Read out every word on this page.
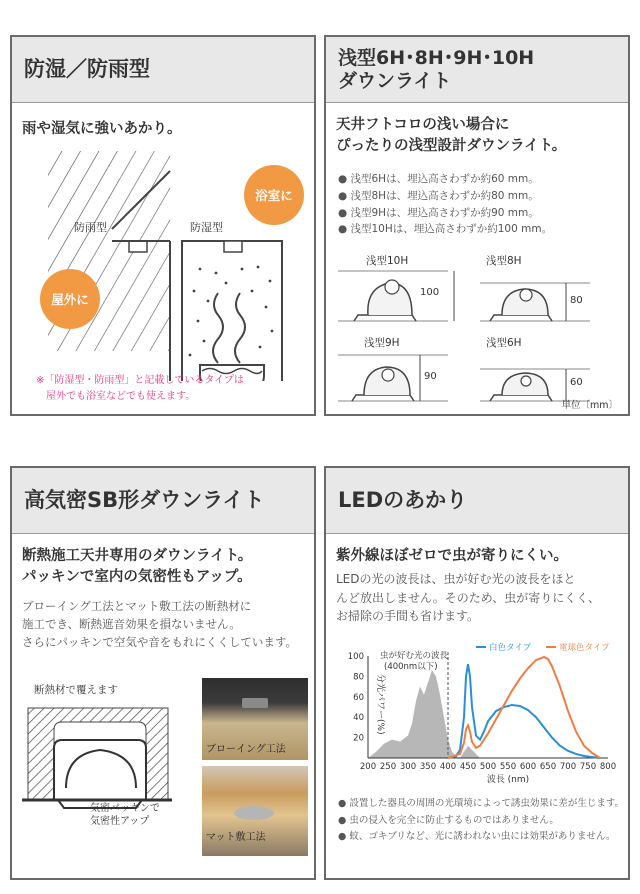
防湿／防雨型
雨や湿気に強いあかり。
防雨型	防湿型
屋外に
浴室に
※「防湿型・防雨型」と記載しているタイプは
屋外でも浴室などでも使えます。
浅型6H･8H･9H･10H
ダウンライト
天井フトコロの浅い場合に
ぴったりの浅型設計ダウンライト。
● 浅型6Hは、埋込高さわずか約60 mm。
● 浅型8Hは、埋込高さわずか約80 mm。
● 浅型9Hは、埋込高さわずか約90 mm。
● 浅型10Hは、埋込高さわずか約100 mm。
浅型10H
100
浅型8H
80
浅型9H
90
浅型6H
60
単位〔mm〕
高気密SB形ダウンライト
断熱施工天井専用のダウンライト。
パッキンで室内の気密性もアップ。
ブローイング工法とマット敷工法の断熱材に
施工でき、断熱遮音効果を損ないません。
さらにパッキンで空気や音をもれにくくしています。
断熱材で覆えます
気密パッキンで
気密性アップ
ブローイング工法
マット敷工法
LEDのあかり
紫外線ほぼゼロで虫が寄りにくい。
LEDの光の波長は、虫が好む光の波長をほと
んど放出しません。そのため、虫が寄りにくく、
お掃除の手間も省けます。
200 250 300 350 400 450 500 550 600 650 700 750 800
20
40
60
80
100
波長 (nm)
分光パワー(%)
虫が好む光の波長
(400nm以下)
白色タイプ	電球色タイプ
● 設置した器具の周囲の光環境によって誘虫効果に差が生じます。
● 虫の侵入を完全に防止するものではありません。
● 蚊、ゴキブリなど、光に誘われない虫には効果がありません。
